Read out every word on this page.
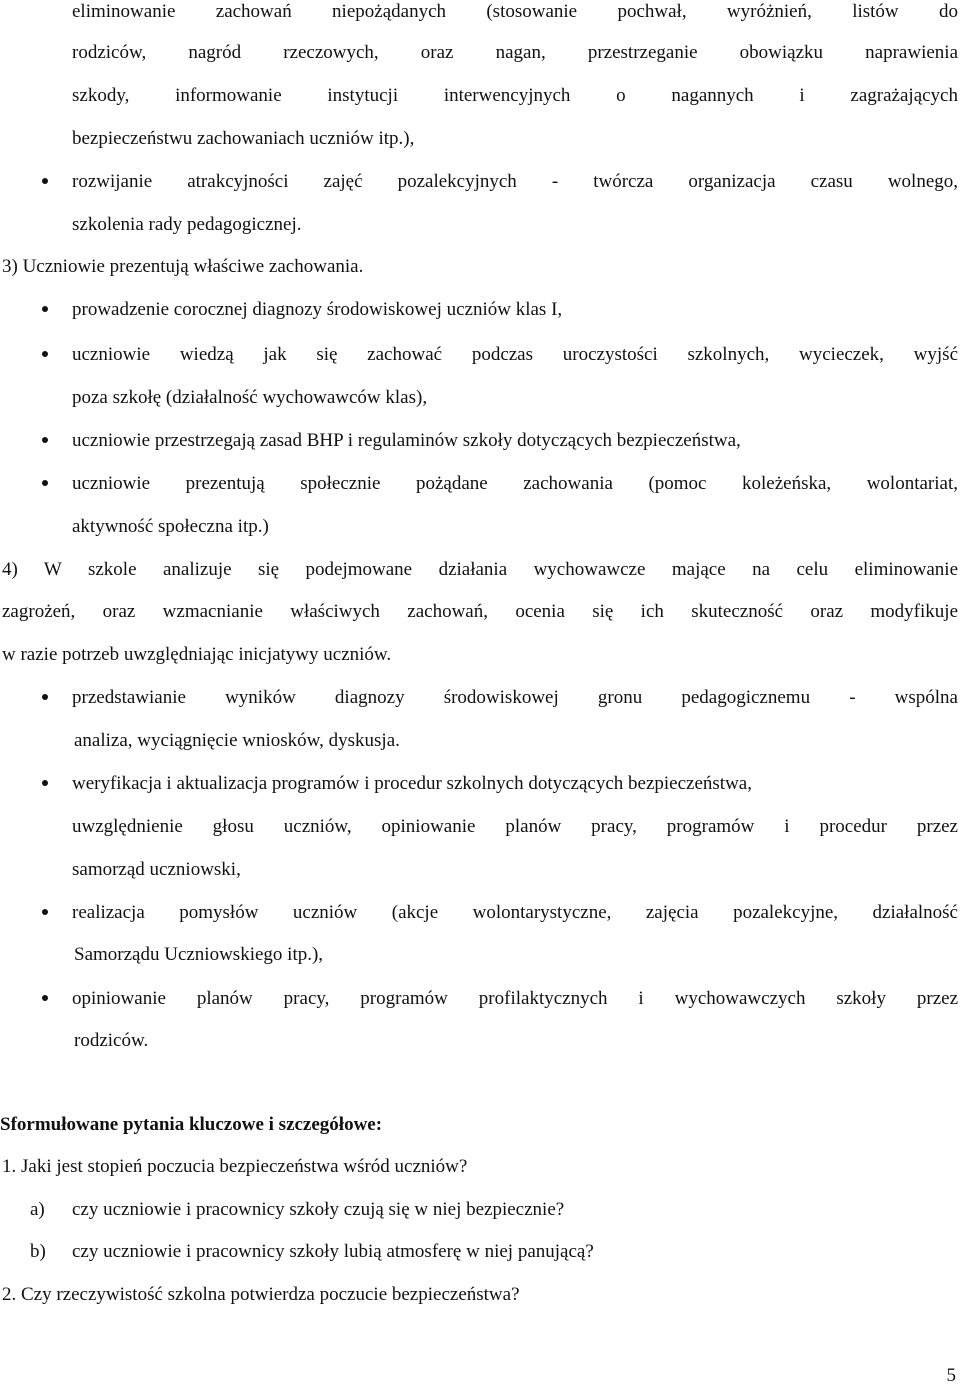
eliminowanie zachowań niepożądanych (stosowanie pochwał, wyróżnień, listów do
rodziców, nagród rzeczowych, oraz nagan, przestrzeganie obowiązku naprawienia
szkody, informowanie instytucji interwencyjnych o nagannych i zagrażających
bezpieczeństwu zachowaniach uczniów itp.),
rozwijanie atrakcyjności zajęć pozalekcyjnych - twórcza organizacja czasu wolnego,
szkolenia rady pedagogicznej.
3) Uczniowie prezentują właściwe zachowania.
prowadzenie corocznej diagnozy środowiskowej uczniów klas I,
uczniowie wiedzą jak się zachować podczas uroczystości szkolnych, wycieczek, wyjść
poza szkołę (działalność wychowawców klas),
uczniowie przestrzegają zasad BHP i regulaminów szkoły dotyczących bezpieczeństwa,
uczniowie prezentują społecznie pożądane zachowania (pomoc koleżeńska, wolontariat,
aktywność społeczna itp.)
4) W szkole analizuje się podejmowane działania wychowawcze mające na celu eliminowanie
zagrożeń, oraz wzmacnianie właściwych zachowań, ocenia się ich skuteczność oraz modyfikuje
w razie potrzeb uwzględniając inicjatywy uczniów.
przedstawianie wyników diagnozy środowiskowej gronu pedagogicznemu - wspólna
analiza, wyciągnięcie wniosków, dyskusja.
weryfikacja i aktualizacja programów i procedur szkolnych dotyczących bezpieczeństwa,
uwzględnienie głosu uczniów, opiniowanie planów pracy, programów i procedur przez
samorząd uczniowski,
realizacja pomysłów uczniów (akcje wolontarystyczne, zajęcia pozalekcyjne, działalność
Samorządu Uczniowskiego itp.),
opiniowanie planów pracy, programów profilaktycznych i wychowawczych szkoły przez
rodziców.
Sformułowane pytania kluczowe i szczegółowe:
1. Jaki jest stopień poczucia bezpieczeństwa wśród uczniów?
a) czy uczniowie i pracownicy szkoły czują się w niej bezpiecznie?
b) czy uczniowie i pracownicy szkoły lubią atmosferę w niej panującą?
2. Czy rzeczywistość szkolna potwierdza poczucie bezpieczeństwa?
5
